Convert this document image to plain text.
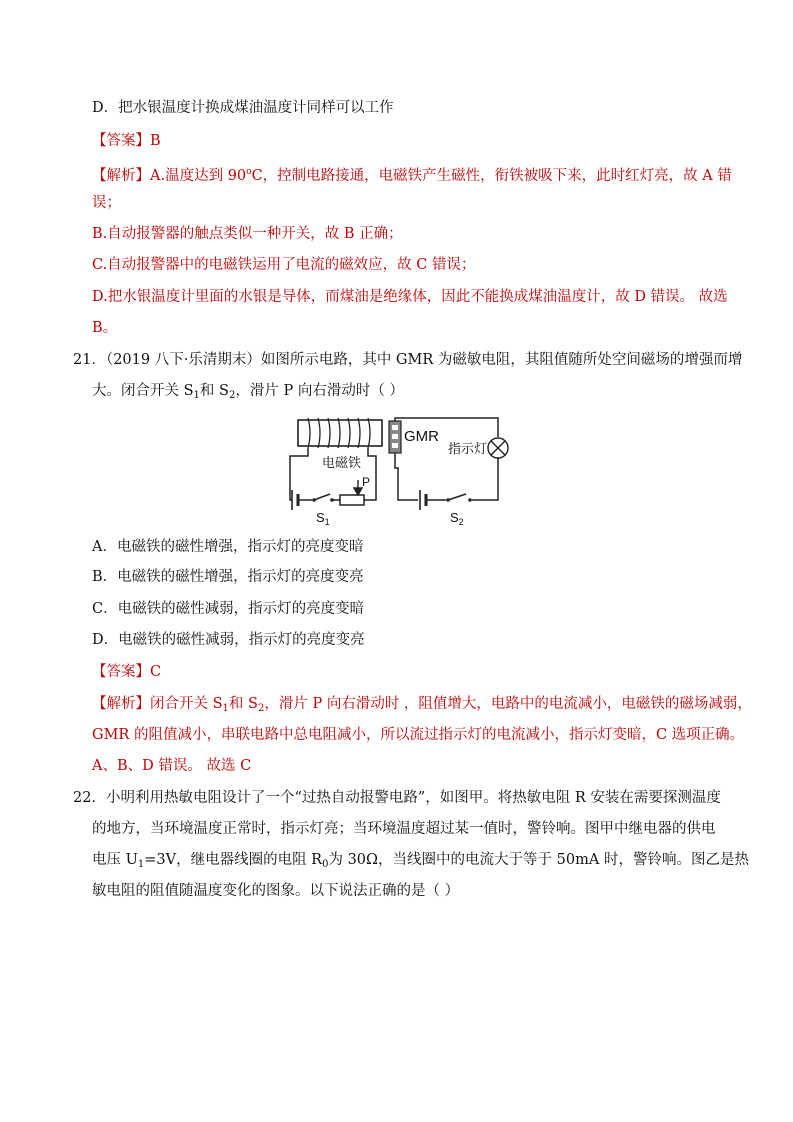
D．把水银温度计换成煤油温度计同样可以工作
【答案】B
【解析】A.温度达到 90$^o$C，控制电路接通，电磁铁产生磁性，衔铁被吸下来，此时红灯亮，故 A 错
误；
B.自动报警器的触点类似一种开关，故 B 正确；
C.自动报警器中的电磁铁运用了电流的磁效应，故 C 错误；
D.把水银温度计里面的水银是导体，而煤油是绝缘体，因此不能换成煤油温度计，故 D 错误。 故选
B。
21．（2019 八下·乐清期末）如图所示电路，其中 GMR 为磁敏电阻，其阻值随所处空间磁场的增强而增
大。闭合开关 $S_1$和 $S_2$，滑片 P 向右滑动时（ ）
GMR
电磁铁
P
$S_1$
指示灯
$S_2$
A．电磁铁的磁性增强，指示灯的亮度变暗
B．电磁铁的磁性增强，指示灯的亮度变亮
C．电磁铁的磁性减弱，指示灯的亮度变暗
D．电磁铁的磁性减弱，指示灯的亮度变亮
【答案】C
【解析】闭合开关 $S_1$和 $S_2$，滑片 P 向右滑动时 ，阻值增大，电路中的电流减小，电磁铁的磁场减弱，
GMR 的阻值减小，串联电路中总电阻减小，所以流过指示灯的电流减小，指示灯变暗，C 选项正确。
A、B、D 错误。 故选 C
22．小明利用热敏电阻设计了一个“过热自动报警电路”，如图甲。将热敏电阻 R 安装在需要探测温度
的地方，当环境温度正常时，指示灯亮；当环境温度超过某一值时，警铃响。图甲中继电器的供电
电压 $U_1=3V$，继电器线圈的电阻 $R_0$为 30Ω，当线圈中的电流大于等于 50mA 时，警铃响。图乙是热
敏电阻的阻值随温度变化的图象。以下说法正确的是（ ）
